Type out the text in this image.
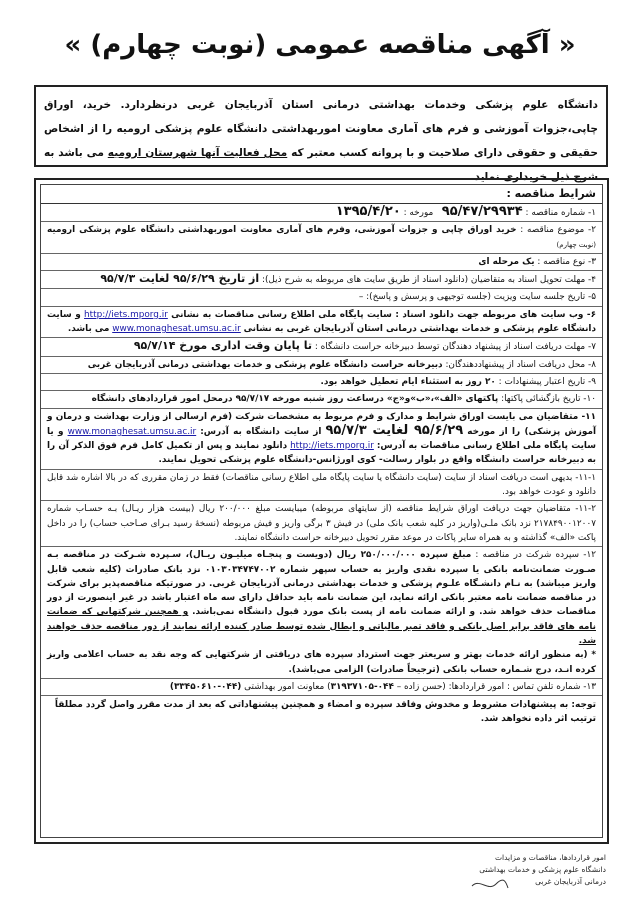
« آگهی مناقصه عمومی (نوبت چهارم) »
دانشگاه علوم پزشکی وخدمات بهداشتی درمانی استان آذربایجان غربی درنظردارد. خرید، اوراق چاپی،جزوات آموزشی و فرم های آماری معاونت اموربهداشتی دانشگاه علوم پزشکی ارومیه را از اشخاص حقیقی و حقوقی دارای صلاحیت و با پروانه کسب معتبر که محل فعالیت آنها شهرستان ارومیه می باشد به شرح ذیل خریداری نماید.
شرایط مناقصه :
۱- شماره مناقصه : ۹۵/۴۷/۲۹۹۳۴   مورخه : ۱۳۹۵/۴/۲۰
۲- موضوع مناقصه : خرید اوراق چاپی و جزوات آموزشی، وفرم های آماری معاونت اموربهداشتی دانشگاه علوم پزشکی ارومیه (نوبت چهارم)
۳- نوع مناقصه : یک مرحله ای
۴- مهلت تحویل اسناد به متقاضیان (دانلود اسناد از طریق سایت های مربوطه به شرح ذیل): از تاریخ ۹۵/۶/۲۹ لغایت ۹۵/۷/۳
۵- تاریخ جلسه سایت ویزیت (جلسه توجیهی و پرسش و پاسخ): –
۶- وب سایت های مربوطه جهت دانلود اسناد : سایت پایگاه ملی اطلاع رسانی مناقصات به نشانی http://iets.mporg.ir و سایت دانشگاه علوم پزشکی و خدمات بهداشتی درمانی استان آذربایجان غربی به نشانی www.monaghesat.umsu.ac.ir می باشد.
۷- مهلت دریافت اسناد از پیشنهاد دهندگان توسط دبیرخانه حراست دانشگاه : تا پایان وقت اداری مورخ ۹۵/۷/۱۴
۸- محل دریافت اسناد از پیشنهاددهندگان: دبیرخانه حراست دانشگاه علوم پزشکی و خدمات بهداشتی درمانی آذربایجان غربی
۹- تاریخ اعتبار پیشنهادات : ۲۰ روز به استثناء ایام تعطیل خواهد بود.
۱۰- تاریخ بازگشائی پاکتها: پاکتهای «الف»،«ب»و«ج» درساعت روز شنبه مورخه ۹۵/۷/۱۷ درمحل امور قراردادهای دانشگاه
۱۱- متقاضیان می بایست اوراق شرایط و مدارک و فرم مربوط به مشخصات شرکت (فرم ارسالی از وزارت بهداشت و درمان و آموزش پزشکی) را از مورخه ۹۵/۶/۲۹ لغایت ۹۵/۷/۳ از سایت دانشگاه به آدرس: www.monaghesat.umsu.ac.ir و یا سایت پایگاه ملی اطلاع رسانی مناقصات به آدرس: http://iets.mporg.ir دانلود نمایند و پس از تکمیل کامل فرم فوق الذکر آن را به دبیرخانه حراست دانشگاه واقع در بلوار رسالت- کوی اورژانس-دانشگاه علوم پزشکی تحویل نمایند.
۱۱-۱- بدیهی است دریافت اسناد از سایت (سایت دانشگاه یا سایت پایگاه ملی اطلاع رسانی مناقصات) فقط در زمان مقرری که در بالا اشاره شد قابل دانلود و عودت خواهد بود.
۱۱-۲- متقاضیان جهت دریافت اوراق شرایط مناقصه (از سایتهای مربوطه) میبایست مبلغ ۲۰۰/۰۰۰ ریال (بیست هزار ریـال) بـه حسـاب شماره ۲۱۷۸۴۹۰۰۱۲۰۰۷ نزد بانک ملـی(واریز در کلیه شعب بانک ملی) در فیش ۳ برگی واریز و فیش مربوطه (نسخهٔ رسید بـرای صـاحب حساب) را در داخل پاکت «الف» گذاشته و به همراه سایر پاکات در موعد مقرر تحویل دبیرخانه حراست دانشگاه نمایند.
۱۲- سپرده شرکت در مناقصه : مبلغ سپرده ۲۵۰/۰۰۰/۰۰۰ ریال (دویست و پنجـاه میلیـون ریـال)، سـپرده شـرکت در مناقصه بـه صـورت ضمانت‌نامه بانکی یا سپرده نقدی واریز به حساب سپهر شماره ۰۱۰۳۰۳۴۷۴۷۰۰۲ نزد بانک صادرات (کلیه شعب قابل واریز میباشد) به نـام دانشـگاه علـوم پزشکی و خدمات بهداشتی درمانی آذربایجان غربی. در صورتیکه مناقصه‌پذیر برای شرکت در مناقصه ضمانت نامه معتبر بانکی ارائه نماید، این ضمانت نامه باید حداقل دارای سه ماه اعتبار باشد در غیر اینصورت از دور مناقصات حذف خواهد شد. و ارائه ضمانت نامه از پست بانک مورد قبول دانشگاه نمی‌باشد. و همچنین شرکتهایی که ضمانت نامه های فاقد برابر اصل بانکی و فاقد تمبر مالیاتی و ابطال شده توسط صادر کننده ارائه نمایند از دور مناقصه حذف خواهند شد.
* (به منظور ارائه خدمات بهتر و سریعتر جهت استرداد سپرده های دریافتی از شرکتهایی که وجه نقد به حساب اعلامی واریز کرده انـد، درج شـماره حساب بانکی (ترجیحاً صادرات) الزامی می‌باشد).
۱۳- شماره تلفن تماس : امور قراردادها: (حسن زاده – ۰۴۴-۳۱۹۳۷۱۰۵) معاونت امور بهداشتی (۰۴۴-۳۳۴۵۰۶۱۰)
توجه: به پیشنهادات مشروط و مخدوش وفاقد سپرده و امضاء و همچنین پیشنهاداتی که بعد از مدت مقرر واصل گردد مطلقاً ترتیب اثر داده نخواهد شد.
امور قراردادها، مناقصات و مزایدات
دانشگاه علوم پزشکی و خدمات بهداشتی درمانی آذربایجان غربی
